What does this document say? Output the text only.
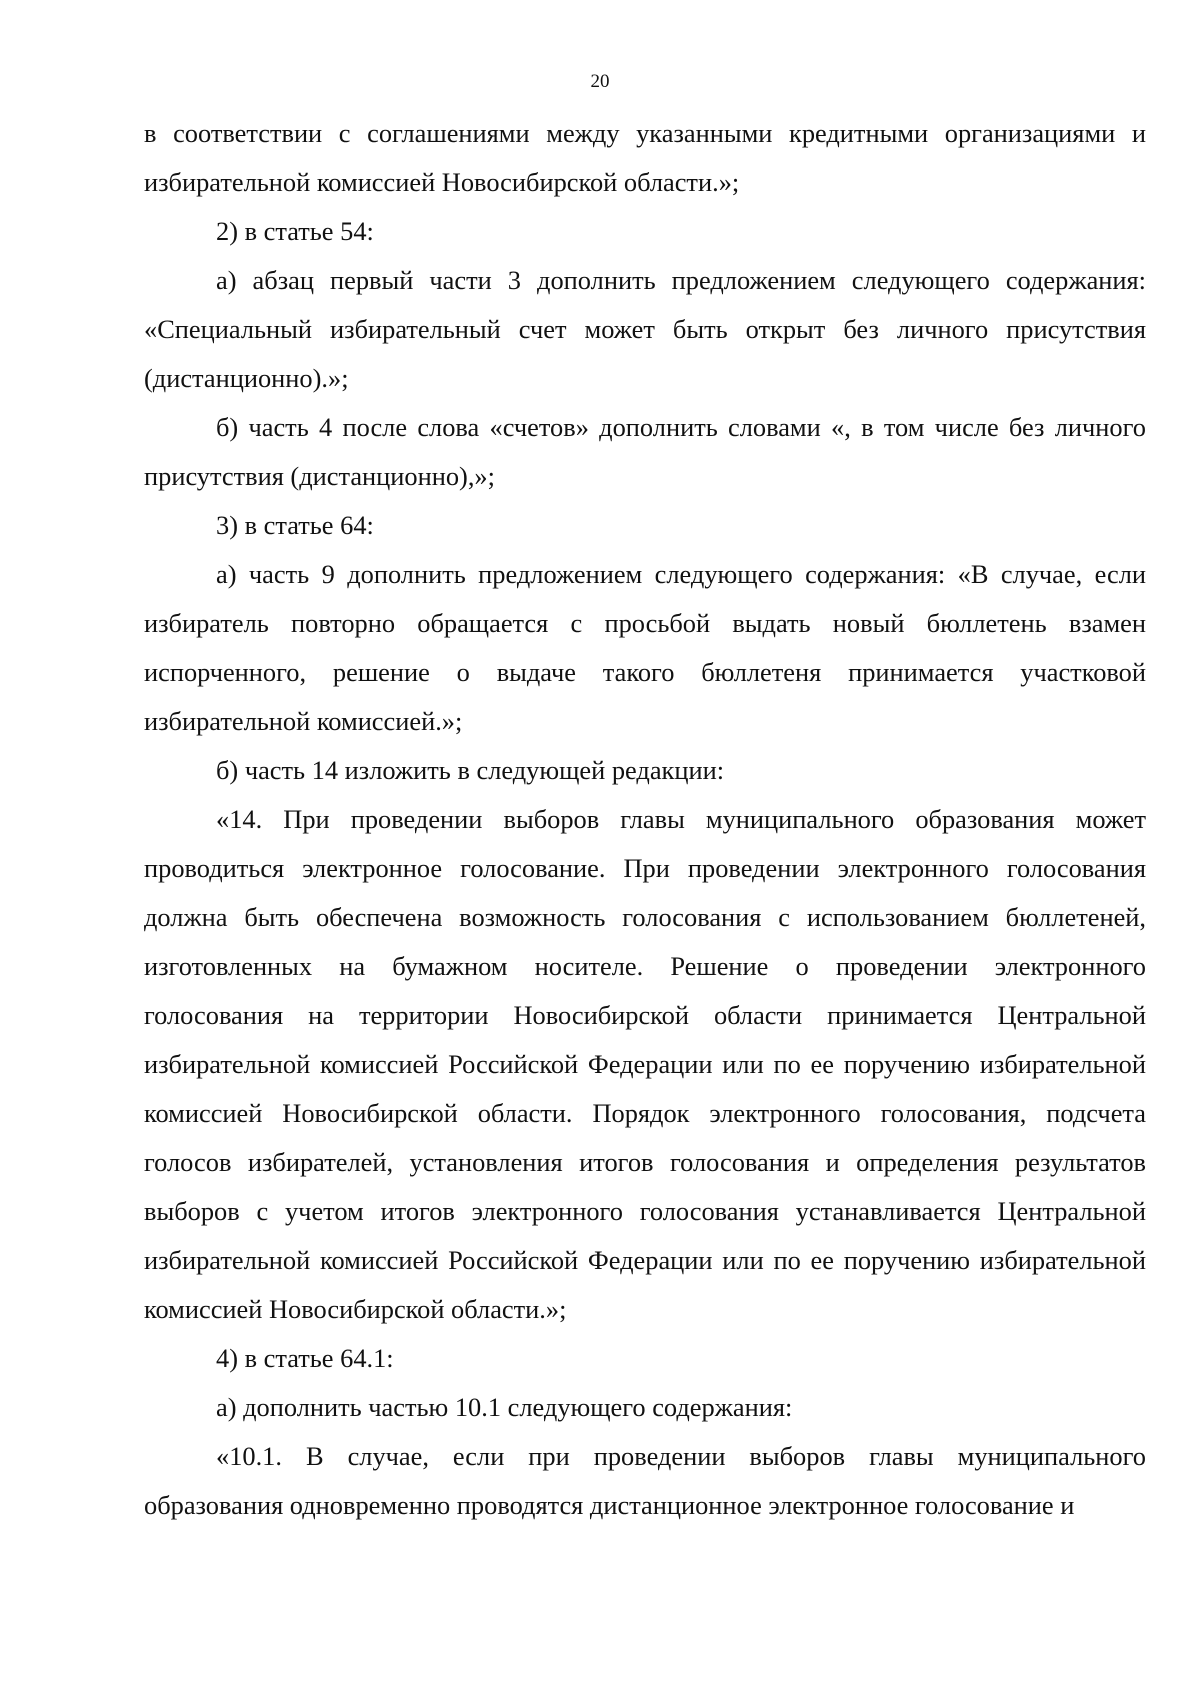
20

в соответствии с соглашениями между указанными кредитными организациями и избирательной комиссией Новосибирской области.»;

2) в статье 54:

а) абзац первый части 3 дополнить предложением следующего содержания: «Специальный избирательный счет может быть открыт без личного присутствия (дистанционно).»;

б) часть 4 после слова «счетов» дополнить словами «, в том числе без личного присутствия (дистанционно),»;

3) в статье 64:

а) часть 9 дополнить предложением следующего содержания: «В случае, если избиратель повторно обращается с просьбой выдать новый бюллетень взамен испорченного, решение о выдаче такого бюллетеня принимается участковой избирательной комиссией.»;

б) часть 14 изложить в следующей редакции:

«14. При проведении выборов главы муниципального образования может проводиться электронное голосование. При проведении электронного голосования должна быть обеспечена возможность голосования с использованием бюллетеней, изготовленных на бумажном носителе. Решение о проведении электронного голосования на территории Новосибирской области принимается Центральной избирательной комиссией Российской Федерации или по ее поручению избирательной комиссией Новосибирской области. Порядок электронного голосования, подсчета голосов избирателей, установления итогов голосования и определения результатов выборов с учетом итогов электронного голосования устанавливается Центральной избирательной комиссией Российской Федерации или по ее поручению избирательной комиссией Новосибирской области.»;

4) в статье 64.1:

а) дополнить частью 10.1 следующего содержания:

«10.1. В случае, если при проведении выборов главы муниципального образования одновременно проводятся дистанционное электронное голосование и
